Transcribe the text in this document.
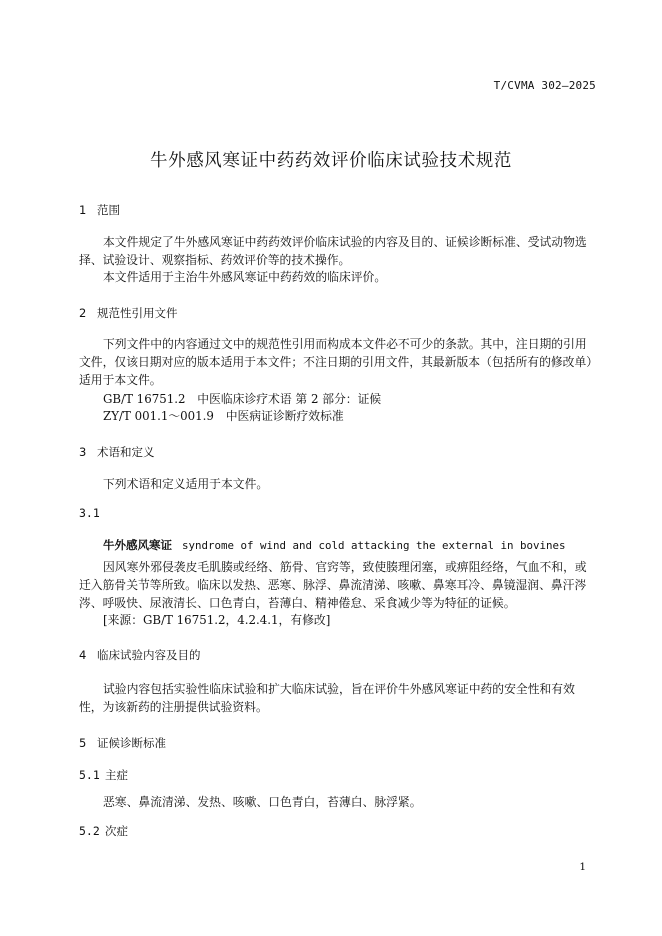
T/CVMA 302—2025
牛外感风寒证中药药效评价临床试验技术规范
1 范围

本文件规定了牛外感风寒证中药药效评价临床试验的内容及目的、证候诊断标准、受试动物选择、试验设计、观察指标、药效评价等的技术操作。

本文件适用于主治牛外感风寒证中药药效的临床评价。

2 规范性引用文件

下列文件中的内容通过文中的规范性引用而构成本文件必不可少的条款。其中，注日期的引用文件，仅该日期对应的版本适用于本文件；不注日期的引用文件，其最新版本（包括所有的修改单）适用于本文件。

GB/T 16751.2　中医临床诊疗术语 第 2 部分：证候
ZY/T 001.1～001.9　中医病证诊断疗效标准
3 术语和定义

下列术语和定义适用于本文件。

3.1
牛外感风寒证 syndrome of wind and cold attacking the external in bovines

因风寒外邪侵袭皮毛肌腠或经络、筋骨、官窍等，致使腠理闭塞，或痹阻经络，气血不和，或迁入筋骨关节等所致。临床以发热、恶寒、脉浮、鼻流清涕、咳嗽、鼻寒耳冷、鼻镜湿润、鼻汗涔涔、呼吸快、尿液清长、口色青白，苔薄白、精神倦怠、采食减少等为特征的证候。

[来源：GB/T 16751.2，4.2.4.1，有修改]
4 临床试验内容及目的

试验内容包括实验性临床试验和扩大临床试验，旨在评价牛外感风寒证中药的安全性和有效性，为该新药的注册提供试验资料。

5 证候诊断标准
5.1 主症

恶寒、鼻流清涕、发热、咳嗽、口色青白，苔薄白、脉浮紧。

5.2 次症
1
